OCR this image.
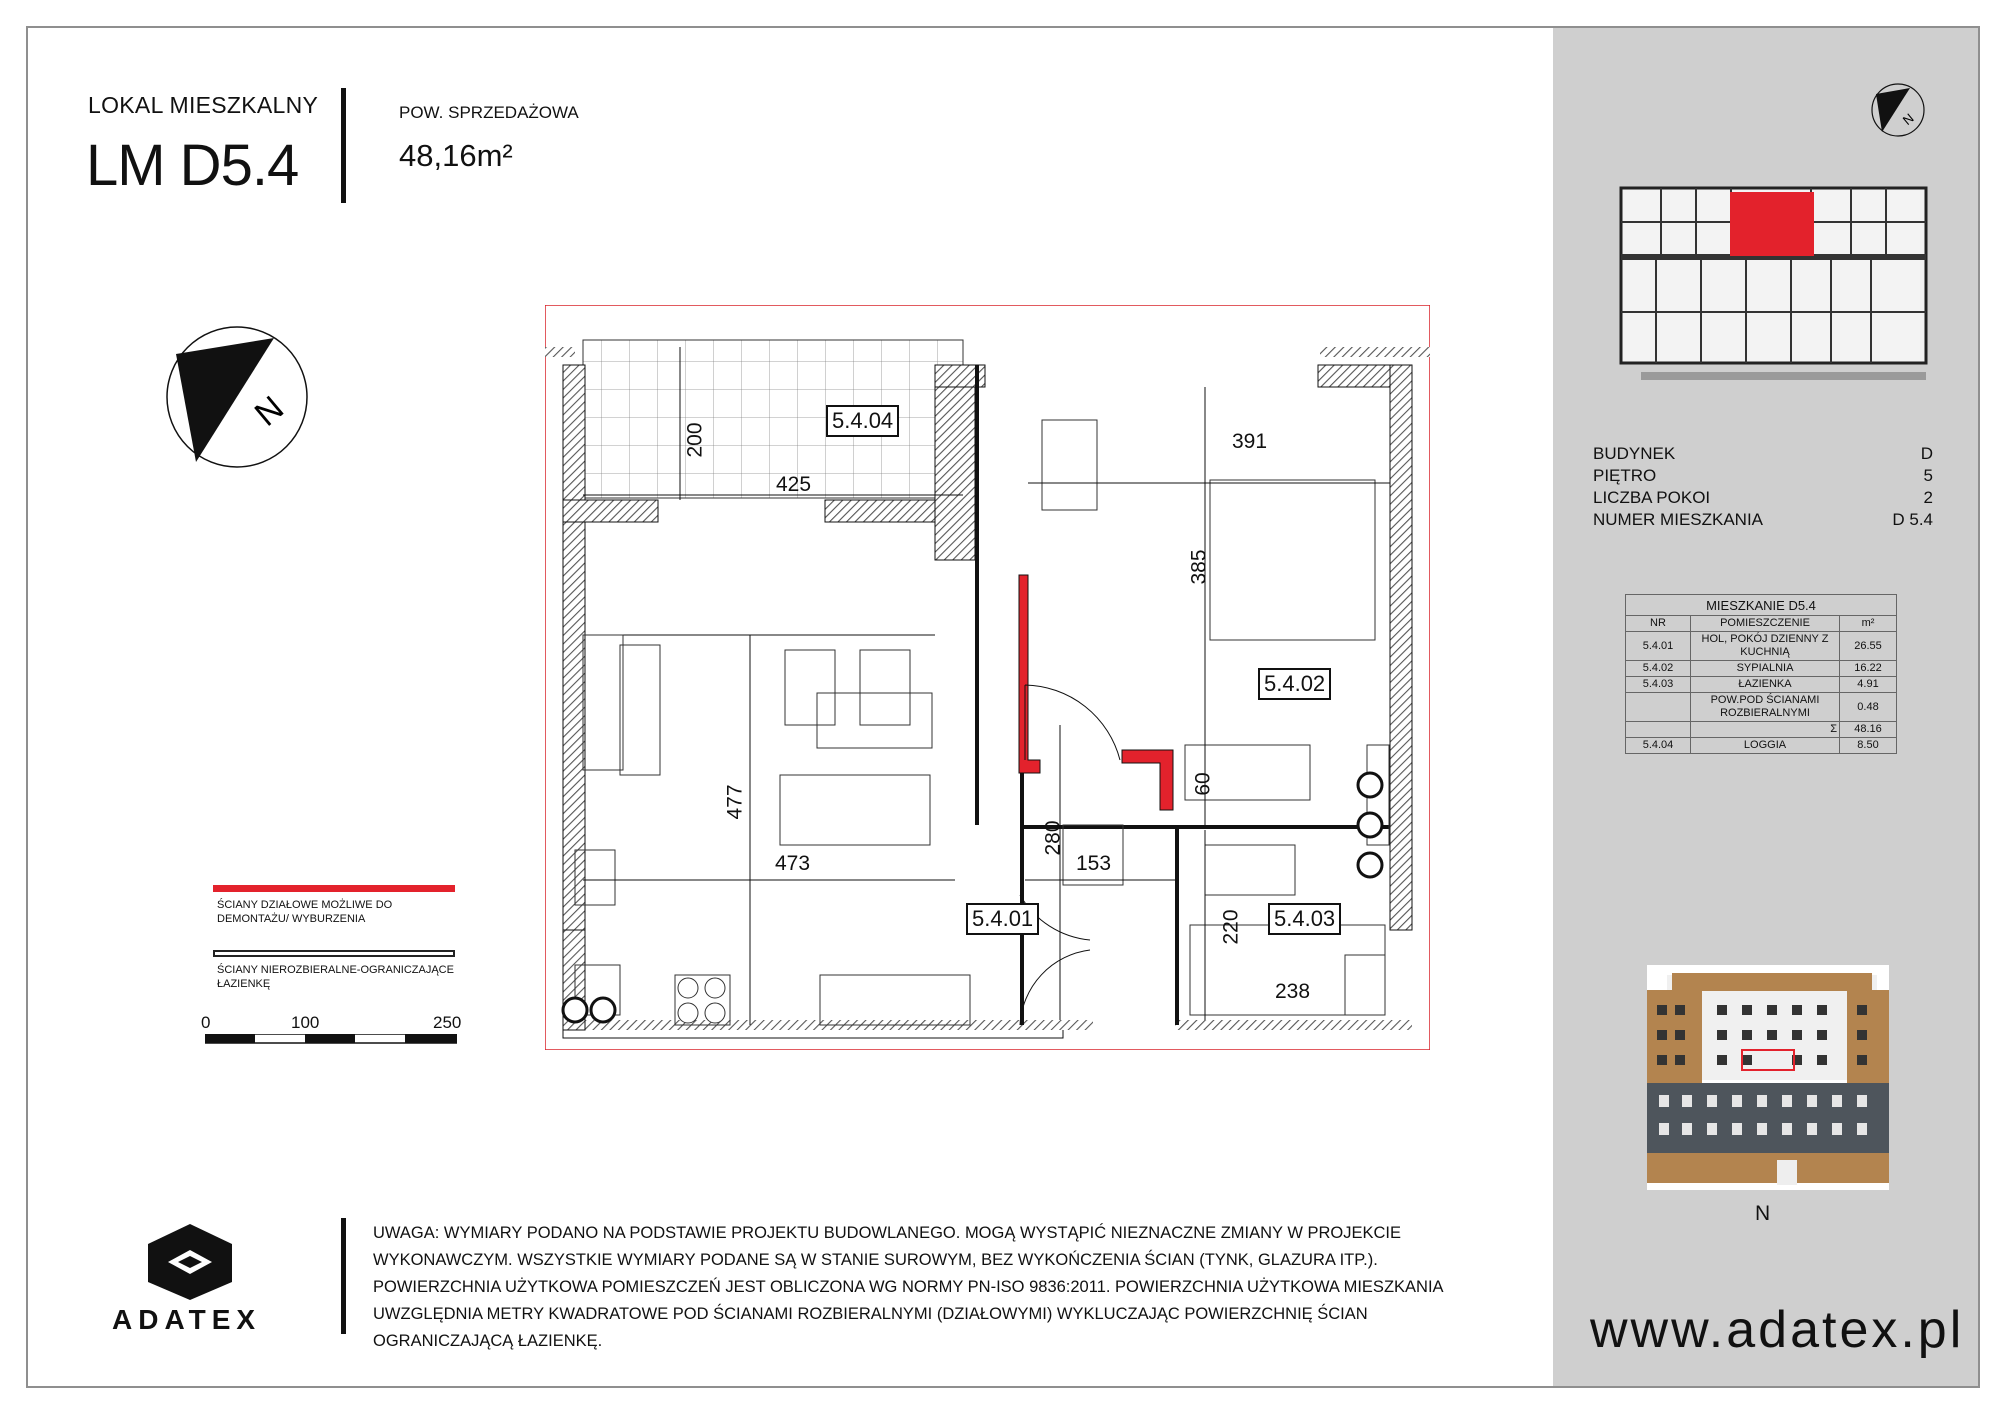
LOKAL MIESZKALNY
LM D5.4
POW. SPRZEDAŻOWA
48,16m²
N
N
BUDYNEK	D
PIĘTRO	5
LICZBA POKOI	2
NUMER MIESZKANIA	D 5.4
MIESZKANIE D5.4		
NR	POMIESZCZENIE	m²
5.4.01	HOL, POKÓJ DZIENNY Z KUCHNIĄ	26.55
5.4.02	SYPIALNIA	16.22
5.4.03	ŁAZIENKA	4.91
	POW.POD ŚCIANAMI ROZBIERALNYMI	0.48
	Σ	48.16
5.4.04	LOGGIA	8.50
N
5.4.04
5.4.02
5.4.01	5.4.03
200
425
391
385
477
473
280
153
60
220
238
ŚCIANY DZIAŁOWE MOŻLIWE DO DEMONTAŻU/ WYBURZENIA
ŚCIANY NIEROZBIERALNE-OGRANICZAJĄCE ŁAZIENKĘ
0	100	250
ADATEX
UWAGA: WYMIARY PODANO NA PODSTAWIE PROJEKTU BUDOWLANEGO. MOGĄ WYSTĄPIĆ NIEZNACZNE ZMIANY W PROJEKCIE WYKONAWCZYM. WSZYSTKIE WYMIARY PODANE SĄ W STANIE SUROWYM, BEZ WYKOŃCZENIA ŚCIAN (TYNK, GLAZURA ITP.). POWIERZCHNIA UŻYTKOWA POMIESZCZEŃ JEST OBLICZONA WG NORMY PN-ISO 9836:2011. POWIERZCHNIA UŻYTKOWA MIESZKANIA UWZGLĘDNIA METRY KWADRATOWE POD ŚCIANAMI ROZBIERALNYMI (DZIAŁOWYMI) WYKLUCZAJĄC POWIERZCHNIĘ ŚCIAN OGRANICZAJĄCĄ ŁAZIENKĘ.	www.adatex.pl
